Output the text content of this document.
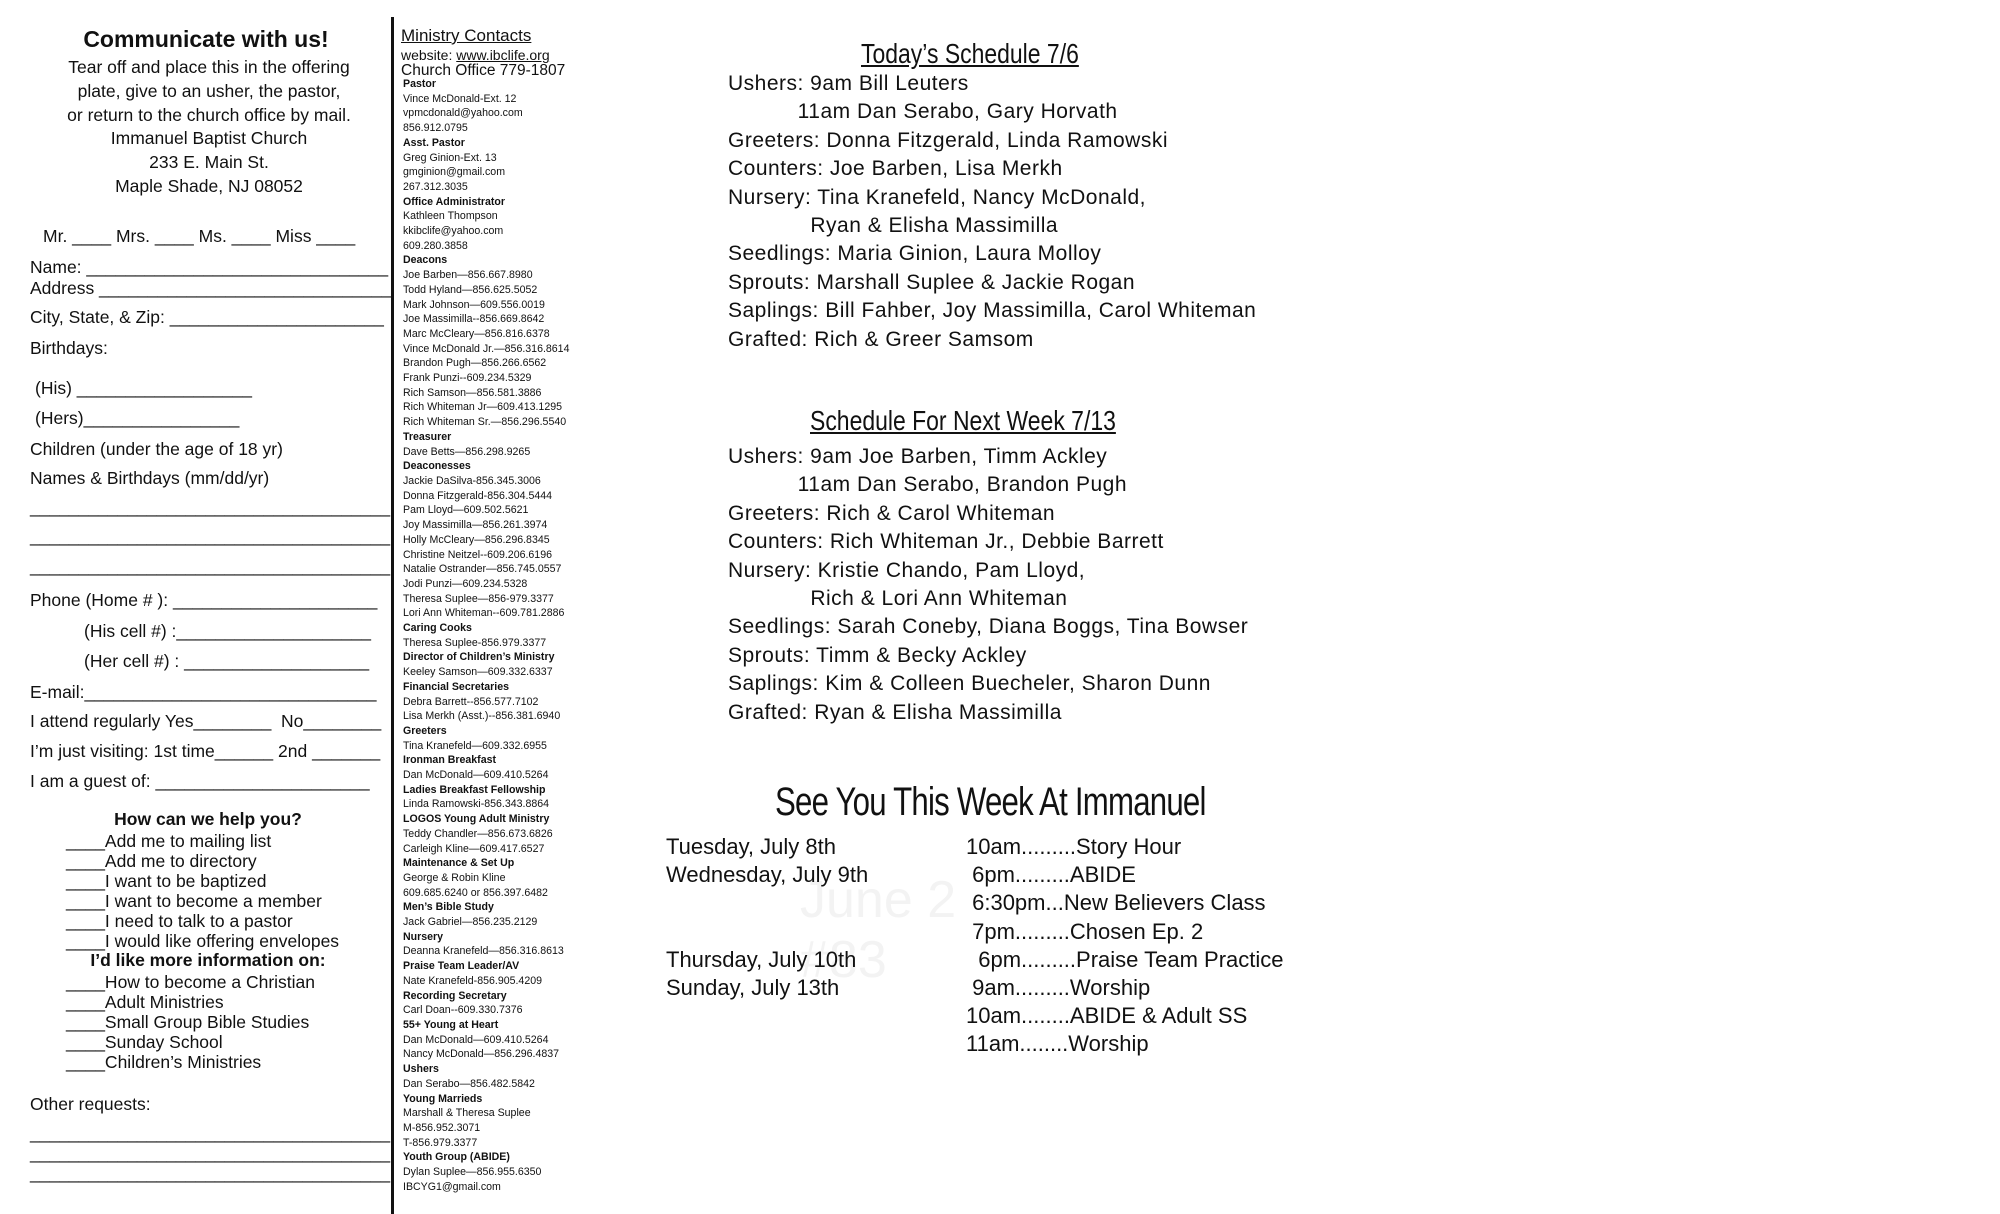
Communicate with us!
Tear off and place this in the offering
plate, give to an usher, the pastor,
or return to the church office by mail.
Immanuel Baptist Church
233 E. Main St.
Maple Shade, NJ 08052
Mr. ____ Mrs. ____ Ms. ____ Miss ____
Name: _______________________________
Address ______________________________
City, State, & Zip: ______________________
Birthdays:
(His) __________________
(Hers)________________
Children (under the age of 18 yr)
Names & Birthdays (mm/dd/yr)
_____________________________________
_____________________________________
_____________________________________
Phone (Home # ): _____________________
(His cell #) :____________________
(Her cell #) : ___________________
E-mail:______________________________
I attend regularly Yes________  No________
I’m just visiting: 1st time______ 2nd _______
I am a guest of: ______________________
How can we help you?
____Add me to mailing list
____Add me to directory
____I want to be baptized
____I want to become a member
____I need to talk to a pastor
____I would like offering envelopes
I’d like more information on:
____How to become a Christian
____Adult Ministries
____Small Group Bible Studies
____Sunday School
____Children’s Ministries
Other requests:
_____________________________________
_____________________________________
_____________________________________
Ministry Contacts
website: www.ibclife.org
Church Office 779-1807
Pastor
Vince McDonald-Ext. 12
vpmcdonald@yahoo.com
856.912.0795
Asst. Pastor
Greg Ginion-Ext. 13
gmginion@gmail.com
267.312.3035
Office Administrator
Kathleen Thompson
kkibclife@yahoo.com
609.280.3858
Deacons
Joe Barben—856.667.8980
Todd Hyland—856.625.5052
Mark Johnson—609.556.0019
Joe Massimilla--856.669.8642
Marc McCleary—856.816.6378
Vince McDonald Jr.—856.316.8614
Brandon Pugh—856.266.6562
Frank Punzi--609.234.5329
Rich Samson—856.581.3886
Rich Whiteman Jr—609.413.1295
Rich Whiteman Sr.—856.296.5540
Treasurer
Dave Betts—856.298.9265
Deaconesses
Jackie DaSilva-856.345.3006
Donna Fitzgerald-856.304.5444
Pam Lloyd—609.502.5621
Joy Massimilla—856.261.3974
Holly McCleary—856.296.8345
Christine Neitzel--609.206.6196
Natalie Ostrander—856.745.0557
Jodi Punzi—609.234.5328
Theresa Suplee—856-979.3377
Lori Ann Whiteman--609.781.2886
Caring Cooks
Theresa Suplee-856.979.3377
Director of Children’s Ministry
Keeley Samson—609.332.6337
Financial Secretaries
Debra Barrett--856.577.7102
Lisa Merkh (Asst.)--856.381.6940
Greeters
Tina Kranefeld—609.332.6955
Ironman Breakfast
Dan McDonald—609.410.5264
Ladies Breakfast Fellowship
Linda Ramowski-856.343.8864
LOGOS Young Adult Ministry
Teddy Chandler—856.673.6826
Carleigh Kline—609.417.6527
Maintenance & Set Up
George & Robin Kline
609.685.6240 or 856.397.6482
Men’s Bible Study
Jack Gabriel—856.235.2129
Nursery
Deanna Kranefeld—856.316.8613
Praise Team Leader/AV
Nate Kranefeld-856.905.4209
Recording Secretary
Carl Doan--609.330.7376
55+ Young at Heart
Dan McDonald—609.410.5264
Nancy McDonald—856.296.4837
Ushers
Dan Serabo—856.482.5842
Young Marrieds
Marshall & Theresa Suplee
M-856.952.3071
T-856.979.3377
Youth Group (ABIDE)
Dylan Suplee—856.955.6350
IBCYG1@gmail.com
Today’s Schedule 7/6
Ushers: 9am Bill Leuters
11am Dan Serabo, Gary Horvath
Greeters: Donna Fitzgerald, Linda Ramowski
Counters: Joe Barben, Lisa Merkh
Nursery: Tina Kranefeld, Nancy McDonald,
Ryan & Elisha Massimilla
Seedlings: Maria Ginion, Laura Molloy
Sprouts: Marshall Suplee & Jackie Rogan
Saplings: Bill Fahber, Joy Massimilla, Carol Whiteman
Grafted: Rich & Greer Samsom
Schedule For Next Week 7/13
Ushers: 9am Joe Barben, Timm Ackley
11am Dan Serabo, Brandon Pugh
Greeters: Rich & Carol Whiteman
Counters: Rich Whiteman Jr., Debbie Barrett
Nursery: Kristie Chando, Pam Lloyd,
Rich & Lori Ann Whiteman
Seedlings: Sarah Coneby, Diana Boggs, Tina Bowser
Sprouts: Timm & Becky Ackley
Saplings: Kim & Colleen Buecheler, Sharon Dunn
Grafted: Ryan & Elisha Massimilla
June 2
#83
See You This Week At Immanuel
Tuesday, July 8th	10am.........Story Hour
Wednesday, July 9th	6pm.........ABIDE
6:30pm...New Believers Class
7pm.........Chosen Ep. 2
Thursday, July 10th	6pm.........Praise Team Practice
Sunday, July 13th	9am.........Worship
10am........ABIDE & Adult SS
11am........Worship
